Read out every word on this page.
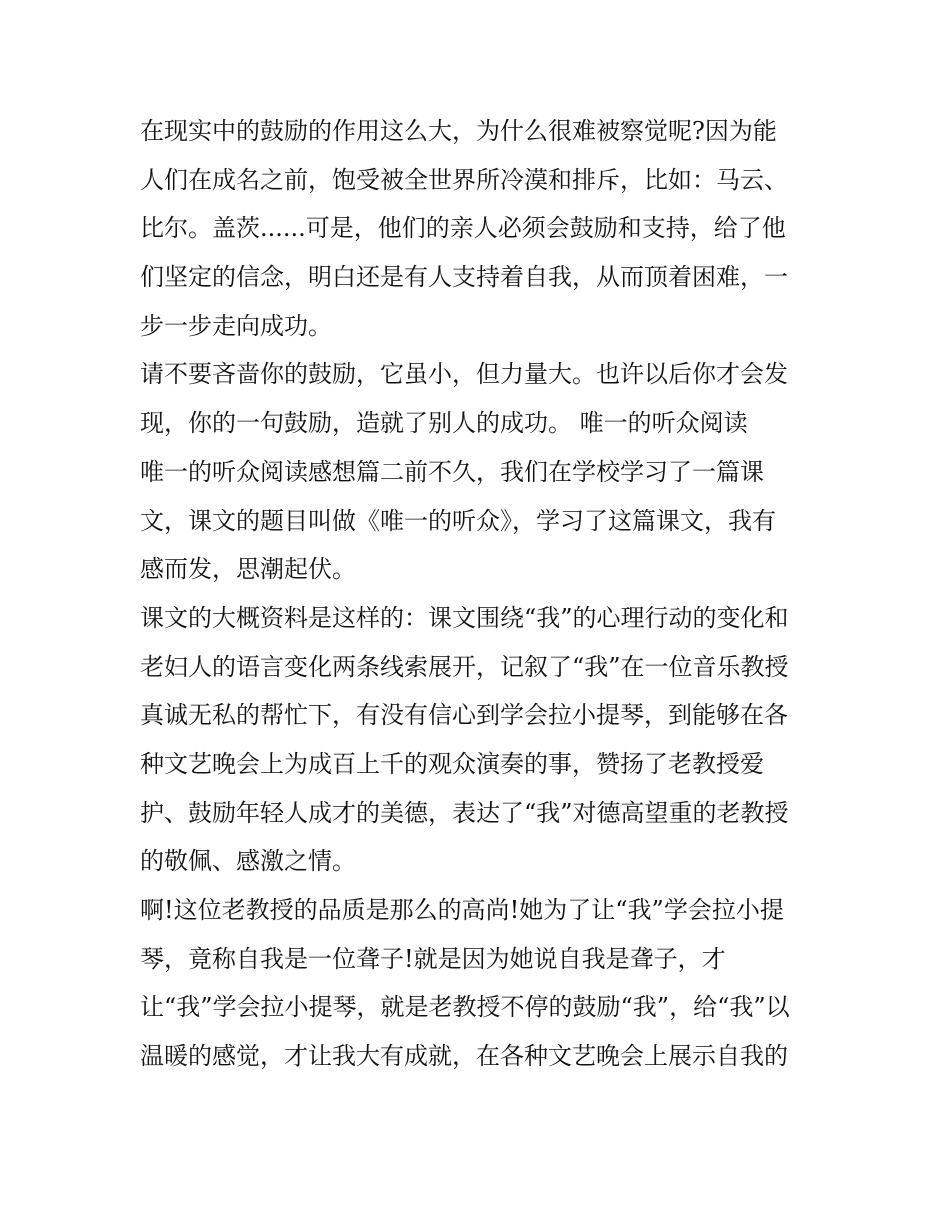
在现实中的鼓励的作用这么大，为什么很难被察觉呢?因为能
人们在成名之前，饱受被全世界所冷漠和排斥，比如：马云、
比尔。盖茨......可是，他们的亲人必须会鼓励和支持，给了他
们坚定的信念，明白还是有人支持着自我，从而顶着困难，一
步一步走向成功。
请不要吝啬你的鼓励，它虽小，但力量大。也许以后你才会发
现，你的一句鼓励，造就了别人的成功。 唯一的听众阅读
唯一的听众阅读感想篇二前不久，我们在学校学习了一篇课
文，课文的题目叫做《唯一的听众》，学习了这篇课文，我有
感而发，思潮起伏。
课文的大概资料是这样的：课文围绕“我”的心理行动的变化和
老妇人的语言变化两条线索展开，记叙了“我”在一位音乐教授
真诚无私的帮忙下，有没有信心到学会拉小提琴，到能够在各
种文艺晚会上为成百上千的观众演奏的事，赞扬了老教授爱
护、鼓励年轻人成才的美德，表达了“我”对德高望重的老教授
的敬佩、感激之情。
啊!这位老教授的品质是那么的高尚!她为了让“我”学会拉小提
琴，竟称自我是一位聋子!就是因为她说自我是聋子，才
让“我”学会拉小提琴，就是老教授不停的鼓励“我”，给“我”以
温暖的感觉，才让我大有成就，在各种文艺晚会上展示自我的
